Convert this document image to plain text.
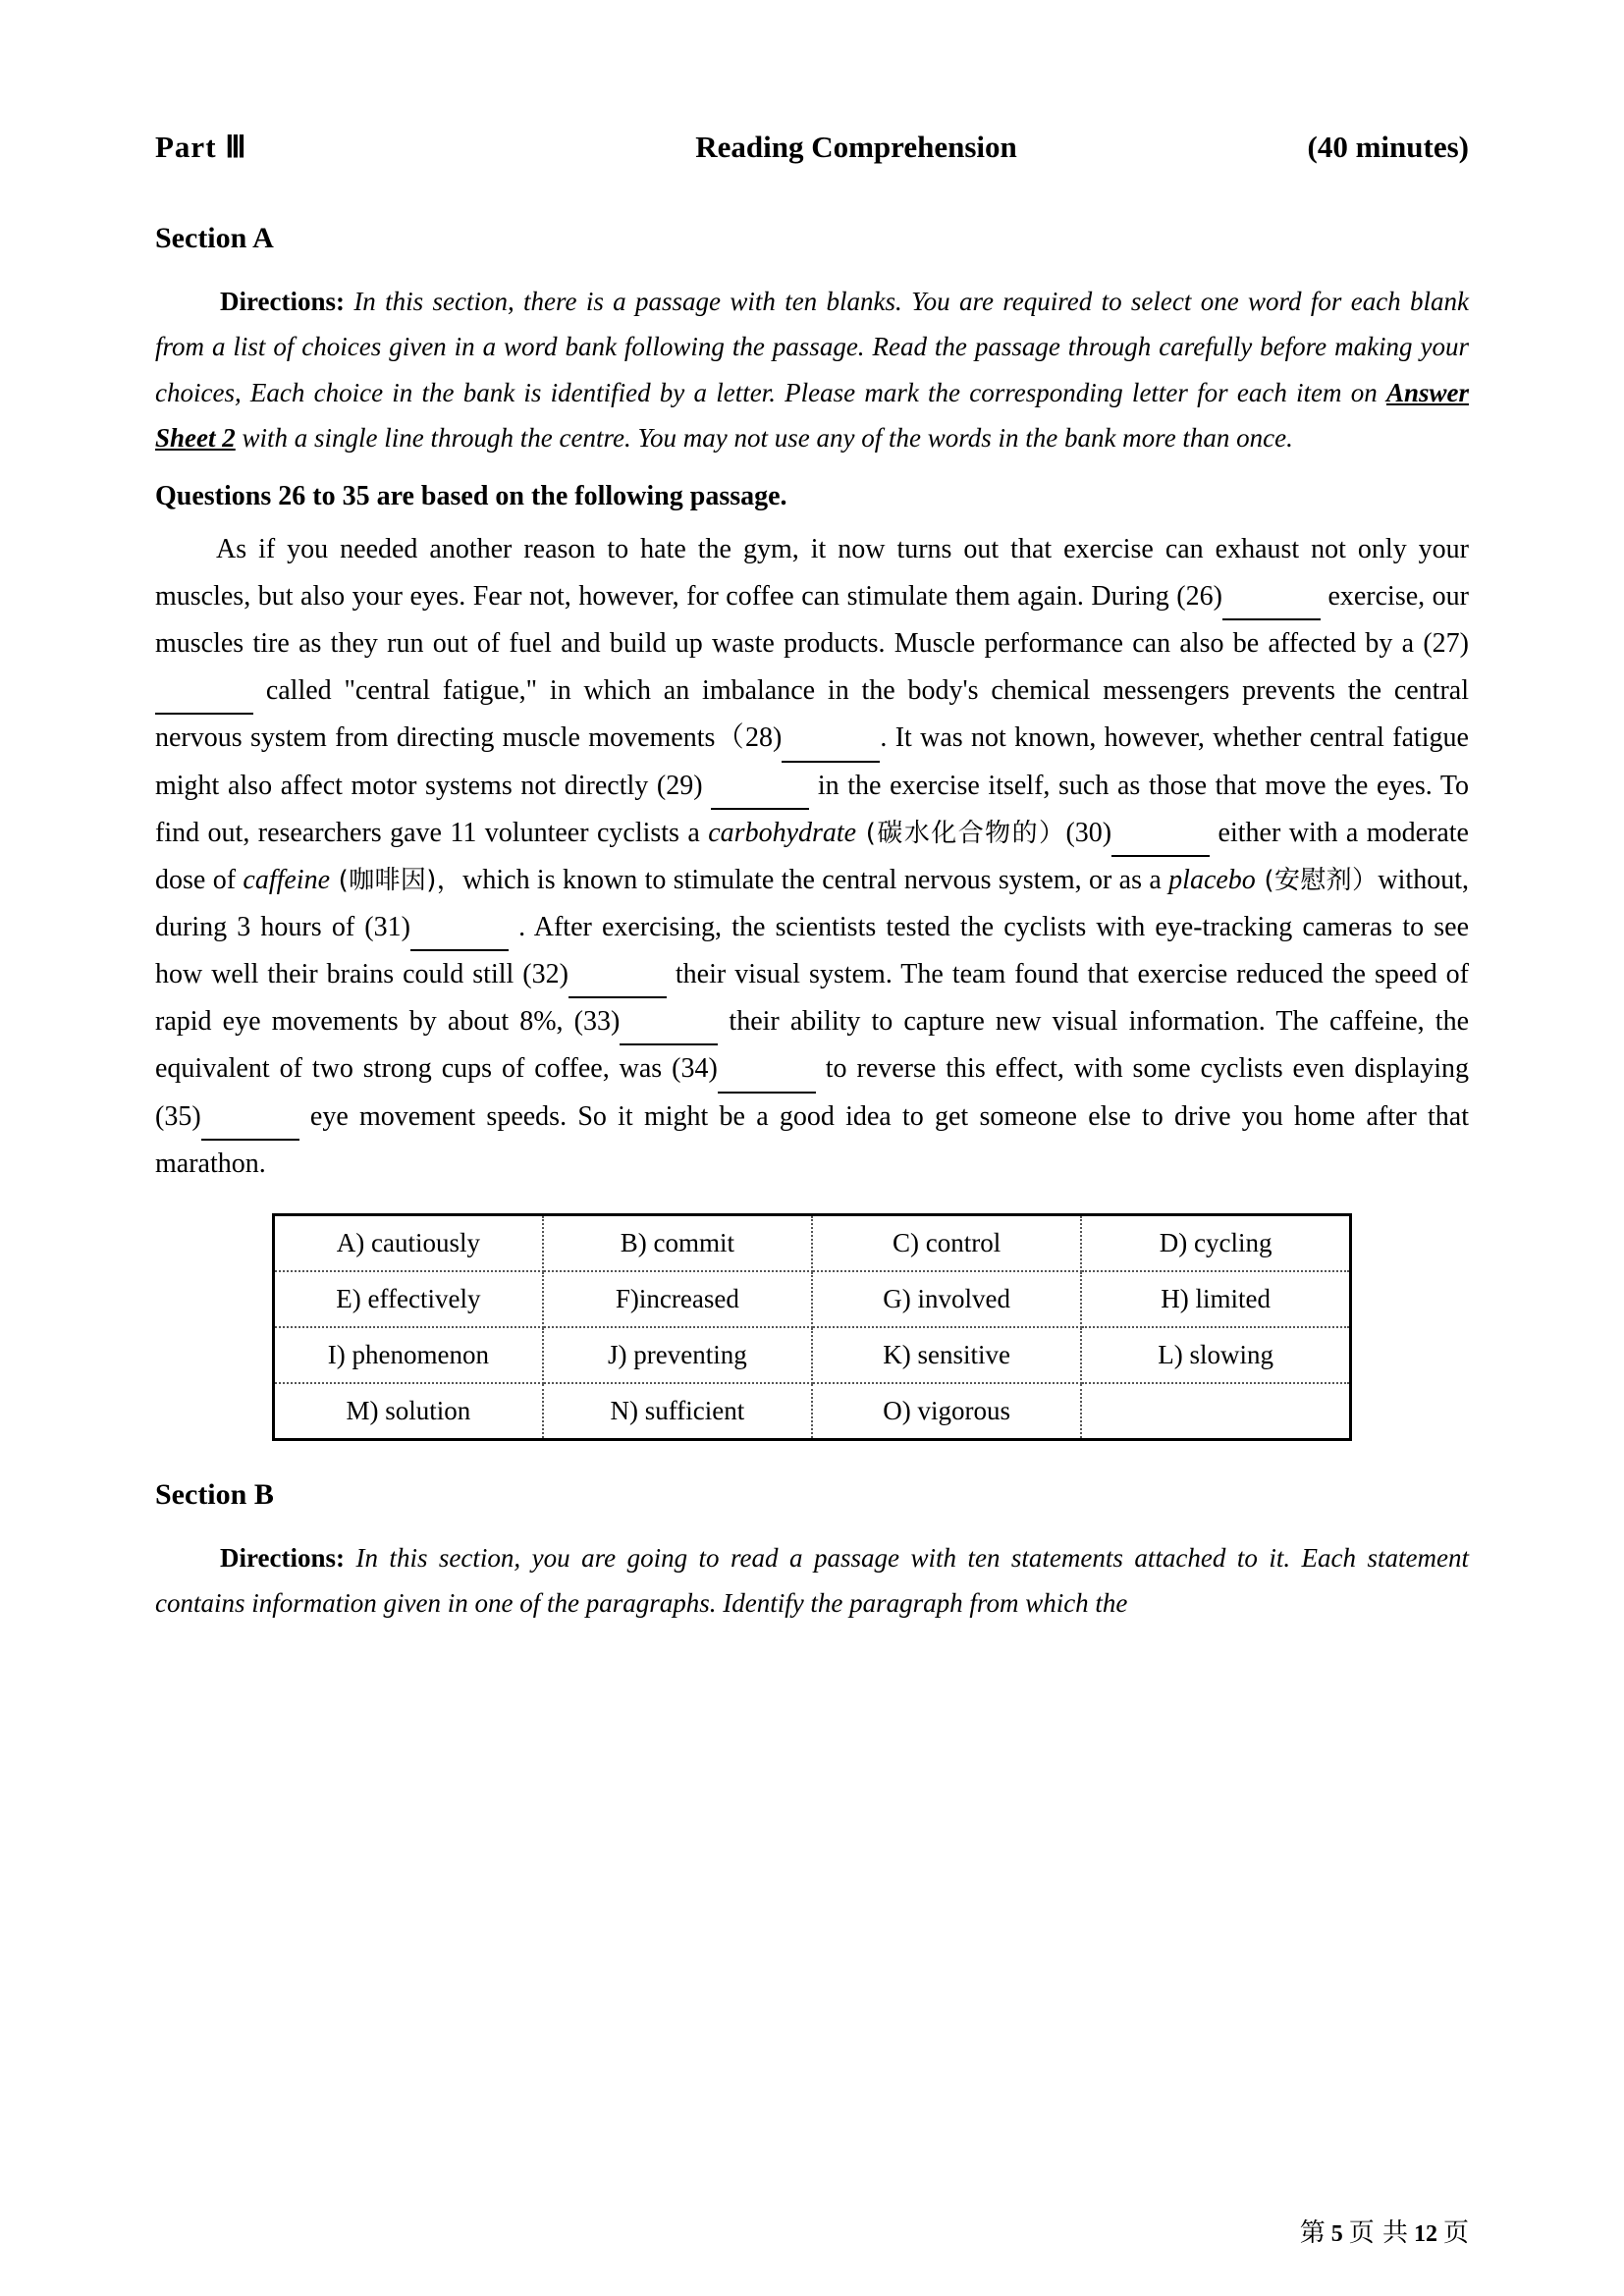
Part Ⅲ	Reading Comprehension	(40 minutes)
Section A
Directions: In this section, there is a passage with ten blanks. You are required to select one word for each blank from a list of choices given in a word bank following the passage. Read the passage through carefully before making your choices, Each choice in the bank is identified by a letter. Please mark the corresponding letter for each item on Answer Sheet 2 with a single line through the centre. You may not use any of the words in the bank more than once.
Questions 26 to 35 are based on the following passage.
As if you needed another reason to hate the gym, it now turns out that exercise can exhaust not only your muscles, but also your eyes. Fear not, however, for coffee can stimulate them again. During (26)	exercise, our muscles tire as they run out of fuel and build up waste products. Muscle performance can also be affected by a (27) called "central fatigue," in which an imbalance in the body's chemical messengers prevents the central nervous system from directing muscle movements（28)	. It was not known, however, whether central fatigue might also affect motor systems not directly (29)	in the exercise itself, such as those that move the eyes. To find out, researchers gave 11 volunteer cyclists a carbohydrate (碳水化合物的）(30)	either with a moderate dose of caffeine (咖啡因)，which is known to stimulate the central nervous system, or as a placebo (安慰剂）without, during 3 hours of (31)	. After exercising, the scientists tested the cyclists with eye-tracking cameras to see how well their brains could still (32)	their visual system. The team found that exercise reduced the speed of rapid eye movements by about 8%, (33)	their ability to capture new visual information. The caffeine, the equivalent of two strong cups of coffee, was (34)	to reverse this effect, with some cyclists even displaying (35)	eye movement speeds. So it might be a good idea to get someone else to drive you home after that marathon.
A) cautiously	B) commit	C) control	D) cycling
E) effectively	F)increased	G) involved	H) limited
I) phenomenon	J) preventing	K) sensitive	L) slowing
M) solution	N) sufficient	O) vigorous	
Section B
Directions: In this section, you are going to read a passage with ten statements attached to it. Each statement contains information given in one of the paragraphs. Identify the paragraph from which the
第 5 页 共 12 页
